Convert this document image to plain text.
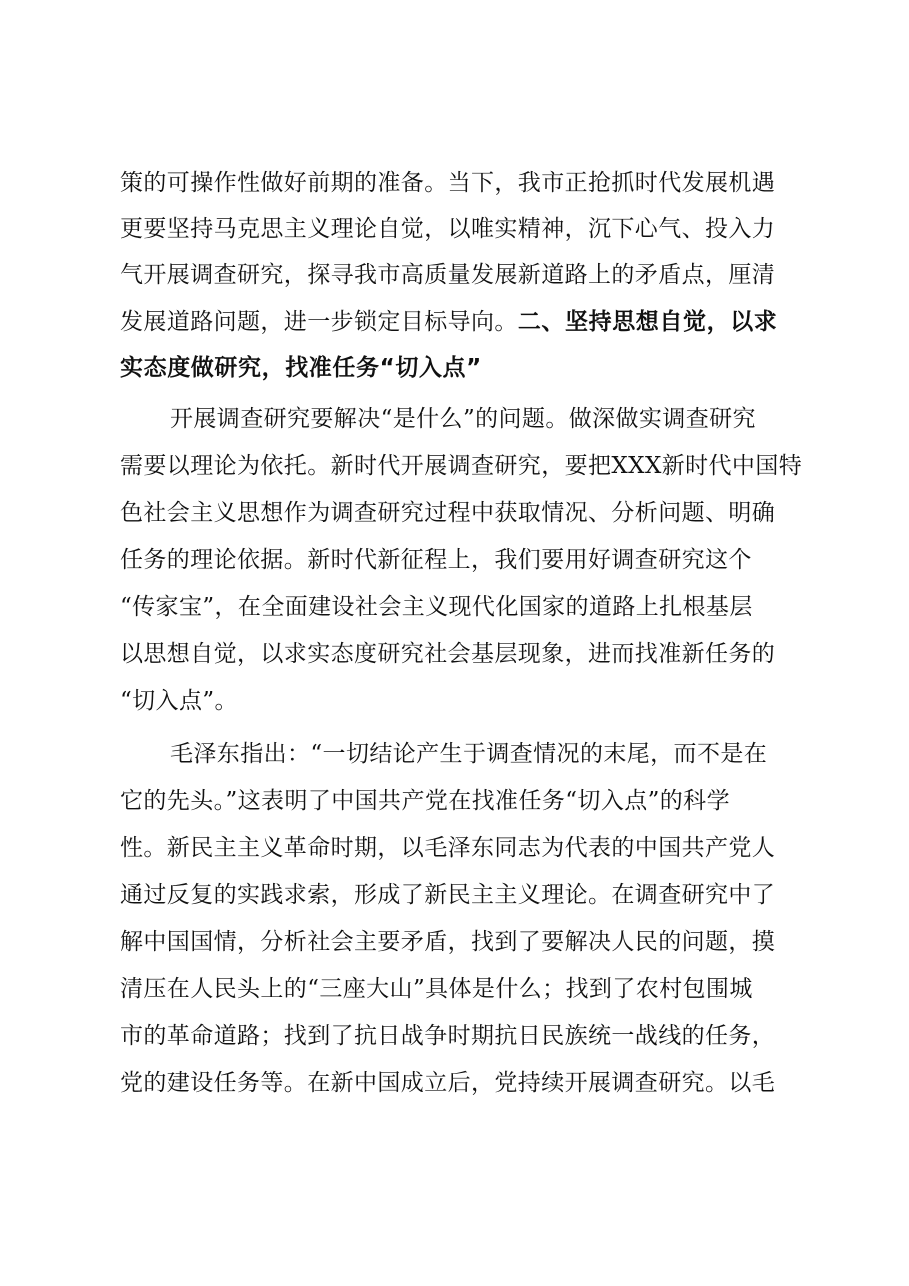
策的可操作性做好前期的准备。当下，我市正抢抓时代发展机遇
更要坚持马克思主义理论自觉，以唯实精神，沉下心气、投入力
气开展调查研究，探寻我市高质量发展新道路上的矛盾点，厘清
发展道路问题，进一步锁定目标导向。二、坚持思想自觉，以求
实态度做研究，找准任务“切入点”
开展调查研究要解决“是什么”的问题。做深做实调查研究
需要以理论为依托。新时代开展调查研究，要把XXX新时代中国特
色社会主义思想作为调查研究过程中获取情况、分析问题、明确
任务的理论依据。新时代新征程上，我们要用好调查研究这个
“传家宝”，在全面建设社会主义现代化国家的道路上扎根基层
以思想自觉，以求实态度研究社会基层现象，进而找准新任务的
“切入点”。
毛泽东指出：“一切结论产生于调查情况的末尾，而不是在
它的先头。”这表明了中国共产党在找准任务“切入点”的科学
性。新民主主义革命时期，以毛泽东同志为代表的中国共产党人
通过反复的实践求索，形成了新民主主义理论。在调查研究中了
解中国国情，分析社会主要矛盾，找到了要解决人民的问题，摸
清压在人民头上的“三座大山”具体是什么；找到了农村包围城
市的革命道路；找到了抗日战争时期抗日民族统一战线的任务，
党的建设任务等。在新中国成立后，党持续开展调查研究。以毛
